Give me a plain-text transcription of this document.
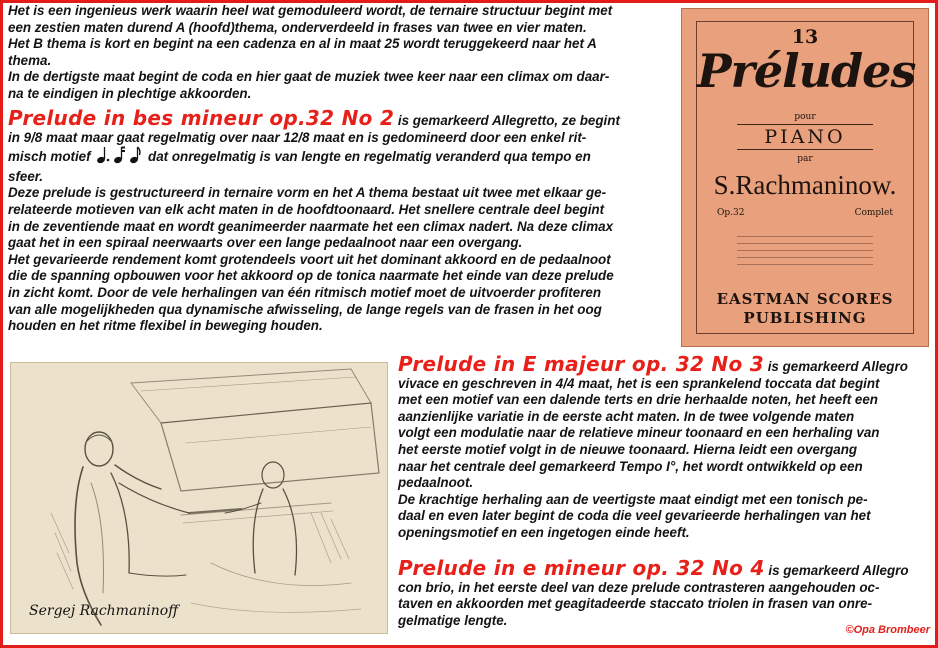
Het is een ingenieus werk waarin heel wat gemoduleerd wordt, de ternaire structuur begint met

een zestien maten durend A (hoofd)thema, onderverdeeld in frases van twee en vier maten.

Het B thema is kort en begint na een cadenza en al in maat 25 wordt teruggekeerd naar het A

thema.

In de dertigste maat begint de coda en hier gaat de muziek twee keer naar een climax om daar-

na te eindigen in plechtige akkoorden.

Prelude in bes mineur op.32 No 2 is gemarkeerd Allegretto, ze begint

in 9/8 maat maar gaat regelmatig over naar 12/8 maat en is gedomineerd door een enkel rit-

misch motief	dat onregelmatig is van lengte en regelmatig veranderd qua tempo en

sfeer.

Deze prelude is gestructureerd in ternaire vorm en het A thema bestaat uit twee met elkaar ge-

relateerde motieven van elk acht maten in de hoofdtoonaard. Het snellere centrale deel begint

in de zeventiende maat en wordt geanimeerder naarmate het een climax nadert. Na deze climax

gaat het in een spiraal neerwaarts over een lange pedaalnoot naar een overgang.

Het gevarieerde rendement komt grotendeels voort uit het dominant akkoord en de pedaalnoot

die de spanning opbouwen voor het akkoord op de tonica naarmate het einde van deze prelude

in zicht komt. Door de vele herhalingen van één ritmisch motief moet de uitvoerder profiteren

van alle mogelijkheden qua dynamische afwisseling, de lange regels van de frasen in het oog

houden en het ritme flexibel in beweging houden.

13
Préludes
pour
PIANO
par
S.Rachmaninow.
Op.32	Complet
EASTMAN SCORES
PUBLISHING
Sergej Rachmaninoff

Prelude in E majeur op. 32 No 3 is gemarkeerd Allegro

vivace en geschreven in 4/4 maat, het is een sprankelend toccata dat begint

met een motief van een dalende terts en drie herhaalde noten, het heeft een

aanzienlijke variatie in de eerste acht maten. In de twee volgende maten

volgt een modulatie naar de relatieve mineur toonaard en een herhaling van

het eerste motief volgt in de nieuwe toonaard. Hierna leidt een overgang

naar het centrale deel gemarkeerd Tempo I°, het wordt ontwikkeld op een

pedaalnoot.

De krachtige herhaling aan de veertigste maat eindigt met een tonisch pe-

daal en even later begint de coda die veel gevarieerde herhalingen van het

openingsmotief en een ingetogen einde heeft.

Prelude in e mineur op. 32 No 4 is gemarkeerd Allegro

con brio, in het eerste deel van deze prelude contrasteren aangehouden oc-

taven en akkoorden met geagitadeerde staccato triolen in frasen van onre-

gelmatige lengte.

©Opa Brombeer
